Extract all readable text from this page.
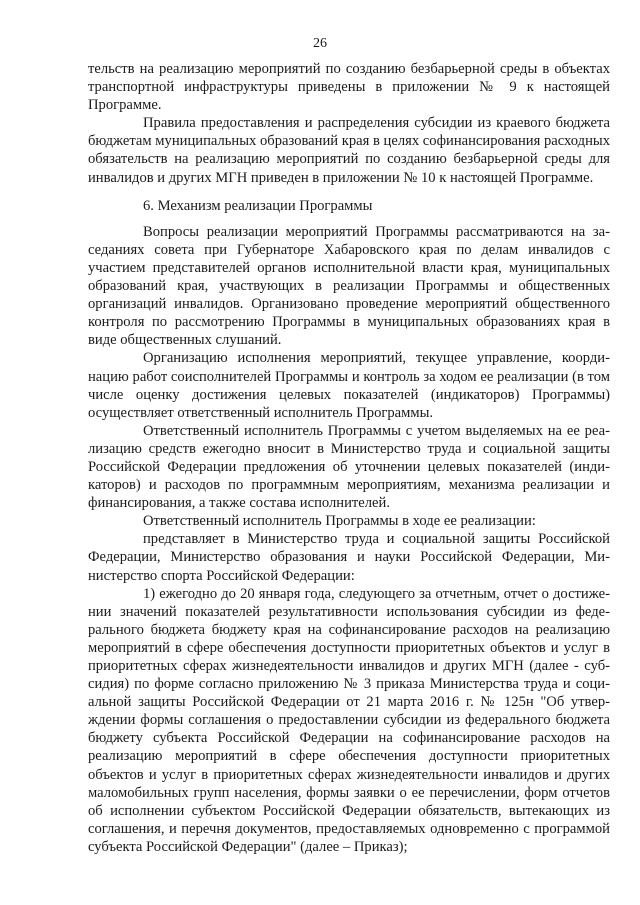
26

тельств на реализацию мероприятий по созданию безбарьерной среды в объектах транспортной инфраструктуры приведены в приложении № 9 к настоящей Программе.

Правила предоставления и распределения субсидии из краевого бюджета бюджетам муниципальных образований края в целях софинансирования расходных обязательств на реализацию мероприятий по созданию безбарьерной среды для инвалидов и других МГН приведен в приложении № 10 к настоящей Программе.

6. Механизм реализации Программы

Вопросы реализации мероприятий Программы рассматриваются на заседаниях совета при Губернаторе Хабаровского края по делам инвалидов с участием представителей органов исполнительной власти края, муниципальных образований края, участвующих в реализации Программы и общественных организаций инвалидов. Организовано проведение мероприятий общественного контроля по рассмотрению Программы в муниципальных образованиях края в виде общественных слушаний.

Организацию исполнения мероприятий, текущее управление, координацию работ соисполнителей Программы и контроль за ходом ее реализации (в том числе оценку достижения целевых показателей (индикаторов) Программы) осуществляет ответственный исполнитель Программы.

Ответственный исполнитель Программы с учетом выделяемых на ее реализацию средств ежегодно вносит в Министерство труда и социальной защиты Российской Федерации предложения об уточнении целевых показателей (индикаторов) и расходов по программным мероприятиям, механизма реализации и финансирования, а также состава исполнителей.

Ответственный исполнитель Программы в ходе ее реализации:

представляет в Министерство труда и социальной защиты Российской Федерации, Министерство образования и науки Российской Федерации, Министерство спорта Российской Федерации:

1) ежегодно до 20 января года, следующего за отчетным, отчет о достижении значений показателей результативности использования субсидии из федерального бюджета бюджету края на софинансирование расходов на реализацию мероприятий в сфере обеспечения доступности приоритетных объектов и услуг в приоритетных сферах жизнедеятельности инвалидов и других МГН (далее - субсидия) по форме согласно приложению № 3 приказа Министерства труда и социальной защиты Российской Федерации от 21 марта 2016 г. № 125н "Об утверждении формы соглашения о предоставлении субсидии из федерального бюджета бюджету субъекта Российской Федерации на софинансирование расходов на реализацию мероприятий в сфере обеспечения доступности приоритетных объектов и услуг в приоритетных сферах жизнедеятельности инвалидов и других маломобильных групп населения, формы заявки о ее перечислении, форм отчетов об исполнении субъектом Российской Федерации обязательств, вытекающих из соглашения, и перечня документов, предоставляемых одновременно с программой субъекта Российской Федерации" (далее – Приказ);
